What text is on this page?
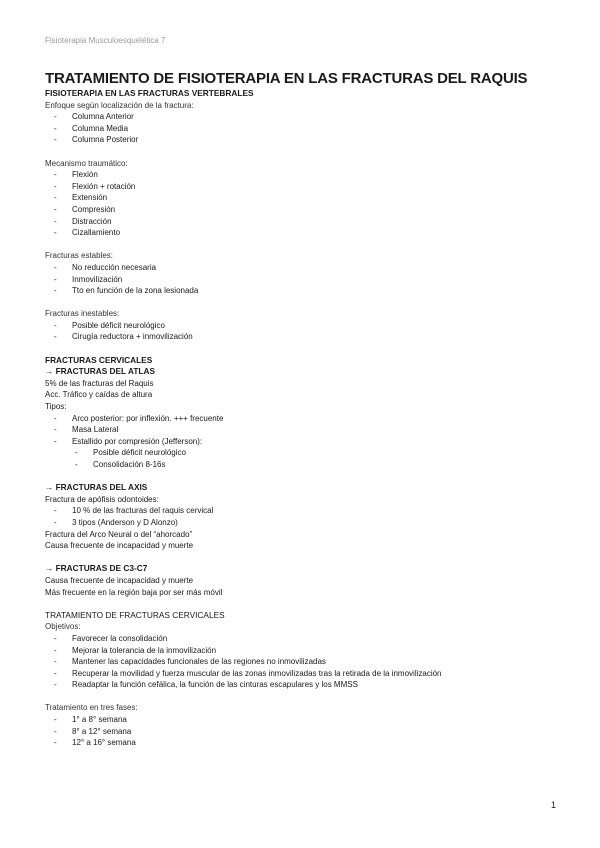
Fisioterapia Musculoesquelética 7
TRATAMIENTO DE FISIOTERAPIA EN LAS FRACTURAS DEL RAQUIS
FISIOTERAPIA EN LAS FRACTURAS VERTEBRALES
Enfoque según localización de la fractura:
- Columna Anterior
- Columna Media
- Columna Posterior
Mecanismo traumático:
- Flexión
- Flexión + rotación
- Extensión
- Compresión
- Distracción
- Cizallamiento
Fracturas estables:
- No reducción necesaria
- Inmovilización
- Tto en función de la zona lesionada
Fracturas inestables:
- Posible déficit neurológico
- Cirugía reductora + inmovilización
FRACTURAS CERVICALES
→ FRACTURAS DEL ATLAS
5% de las fracturas del Raquis
Acc. Tráfico y caídas de altura
Tipos:
- Arco posterior: por inflexión. +++ frecuente
- Masa Lateral
- Estallido por compresión (Jefferson):
- Posible déficit neurológico
- Consolidación 8-16s
→ FRACTURAS DEL AXIS
Fractura de apófisis odontoides:
- 10 % de las fracturas del raquis cervical
- 3 tipos (Anderson y D Alonzo)
Fractura del Arco Neural o del “ahorcado”
Causa frecuente de incapacidad y muerte
→ FRACTURAS DE C3-C7
Causa frecuente de incapacidad y muerte
Más frecuente en la región baja por ser más móvil
TRATAMIENTO DE FRACTURAS CERVICALES
Objetivos:
- Favorecer la consolidación
- Mejorar la tolerancia de la inmovilización
- Mantener las capacidades funcionales de las regiones no inmovilizadas
- Recuperar la movilidad y fuerza muscular de las zonas inmovilizadas tras la retirada de la inmovilización
- Readaptar la función cefálica, la función de las cinturas escapulares y los MMSS
Tratamiento en tres fases:
- 1° a 8° semana
- 8° a 12° semana
- 12° a 16° semana
1
